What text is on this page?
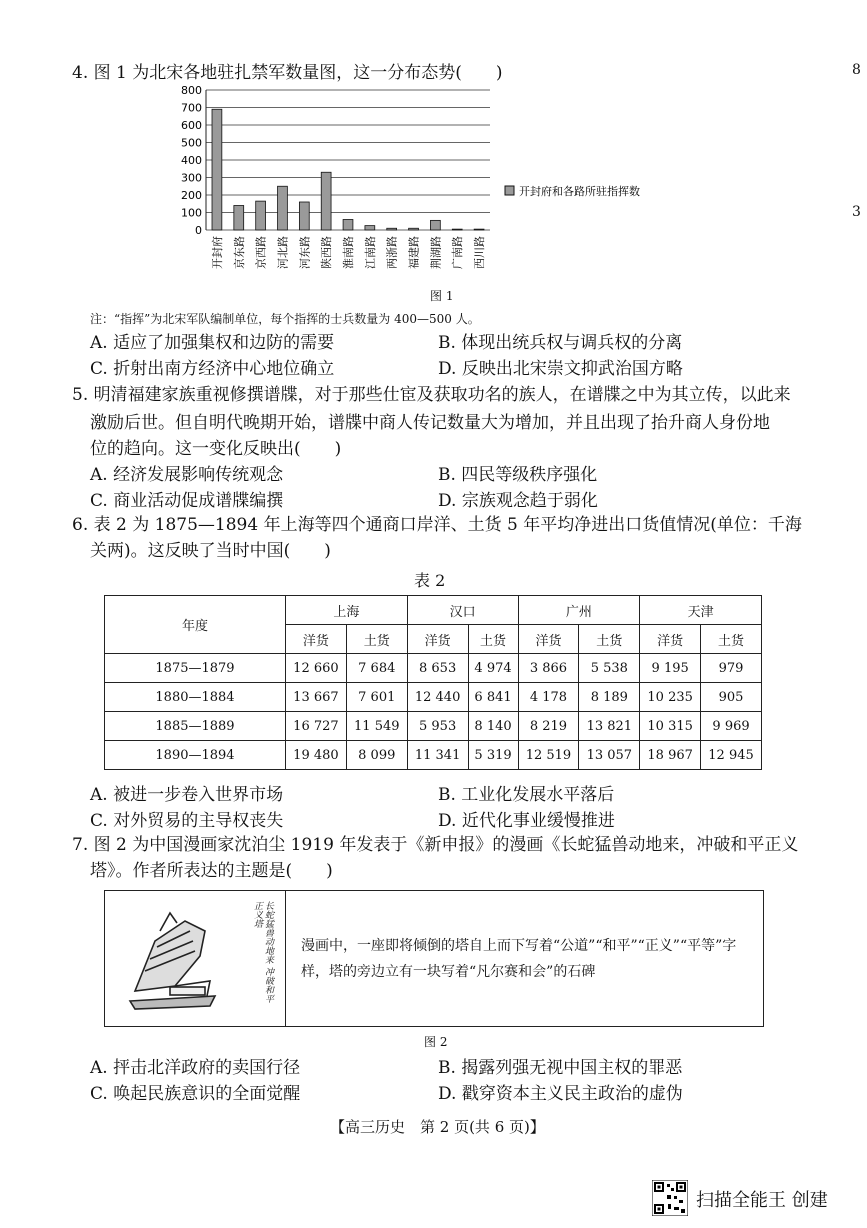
8
3
4. 图 1 为北宋各地驻扎禁军数量图，这一分布态势(　　)
0
100
200
300
400
500
600
700
800
开封府 京东路 京西路 河北路 河东路 陕西路 淮南路 江南路 两浙路 福建路 荆湖路 广南路 西川路
开封府和各路所驻指挥数
图 1
注：“指挥”为北宋军队编制单位，每个指挥的士兵数量为 400—500 人。
A. 适应了加强集权和边防的需要	B. 体现出统兵权与调兵权的分离
C. 折射出南方经济中心地位确立	D. 反映出北宋崇文抑武治国方略
5. 明清福建家族重视修撰谱牒，对于那些仕宦及获取功名的族人，在谱牒之中为其立传，以此来
激励后世。但自明代晚期开始，谱牒中商人传记数量大为增加，并且出现了抬升商人身份地
位的趋向。这一变化反映出(　　)
A. 经济发展影响传统观念	B. 四民等级秩序强化
C. 商业活动促成谱牒编撰	D. 宗族观念趋于弱化
6. 表 2 为 1875—1894 年上海等四个通商口岸洋、土货 5 年平均净进出口货值情况(单位：千海
关两)。这反映了当时中国(　　)
表 2
年度	上海		汉口		广州		天津	
	洋货	土货	洋货	土货	洋货	土货	洋货	土货
1875—1879	12 660	7 684	8 653	4 974	3 866	5 538	9 195	979
1880—1884	13 667	7 601	12 440	6 841	4 178	8 189	10 235	905
1885—1889	16 727	11 549	5 953	8 140	8 219	13 821	10 315	9 969
1890—1894	19 480	8 099	11 341	5 319	12 519	13 057	18 967	12 945
A. 被进一步卷入世界市场	B. 工业化发展水平落后
C. 对外贸易的主导权丧失	D. 近代化事业缓慢推进
7. 图 2 为中国漫画家沈泊尘 1919 年发表于《新申报》的漫画《长蛇猛兽动地来，冲破和平正义
塔》。作者所表达的主题是(　　)
长蛇猛兽动地来 冲破和平正义塔
漫画中，一座即将倾倒的塔自上而下写着“公道”“和平”“正义”“平等”字
样，塔的旁边立有一块写着“凡尔赛和会”的石碑
图 2
A. 抨击北洋政府的卖国行径	B. 揭露列强无视中国主权的罪恶
C. 唤起民族意识的全面觉醒	D. 戳穿资本主义民主政治的虚伪
【高三历史　第 2 页(共 6 页)】
扫描全能王 创建
